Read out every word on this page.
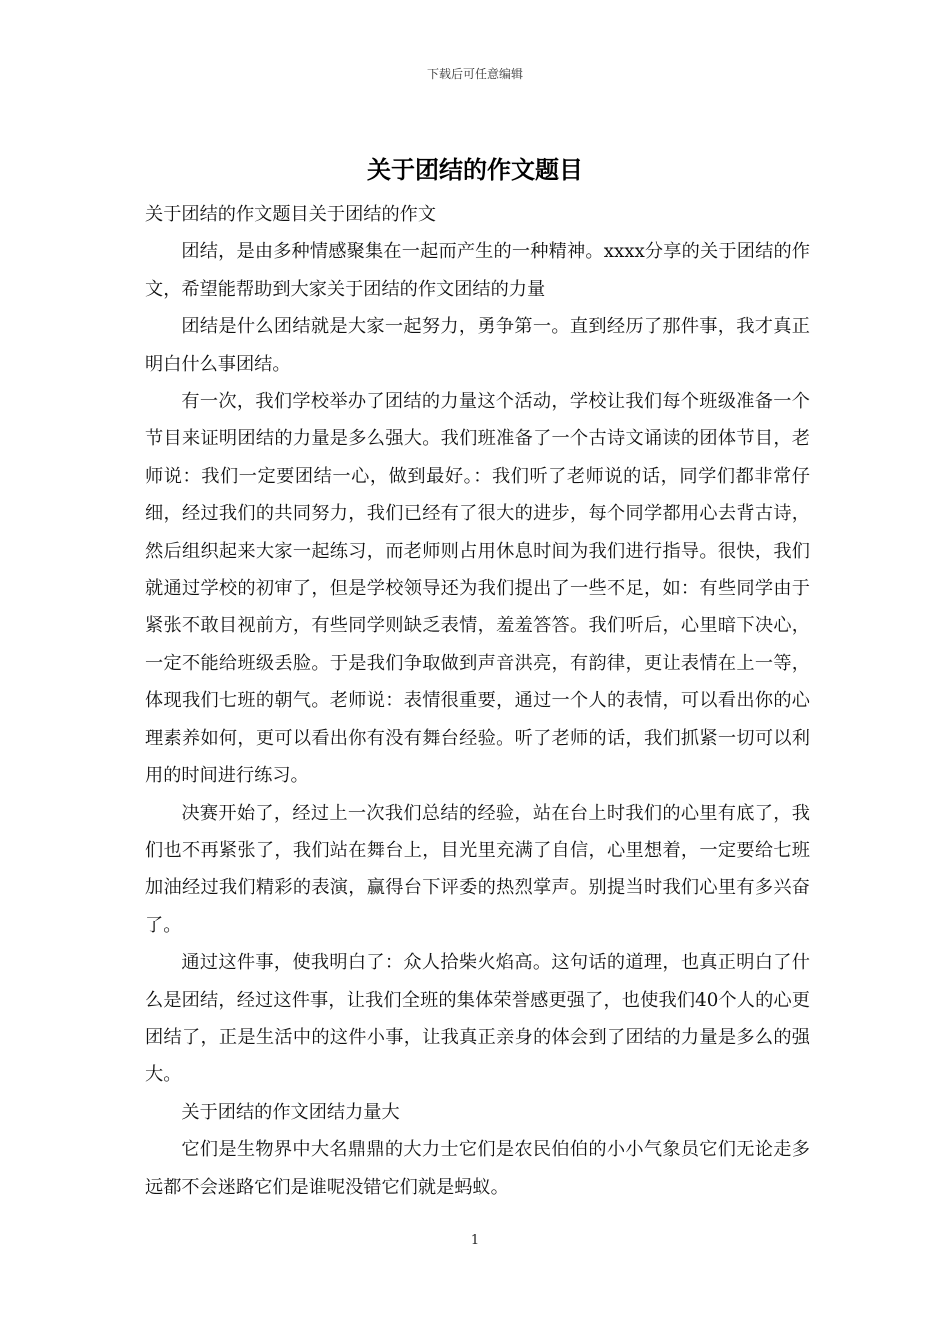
下载后可任意编辑
关于团结的作文题目

关于团结的作文题目关于团结的作文

团结，是由多种情感聚集在一起而产生的一种精神。xxxx分享的关于团结的作文，希望能帮助到大家关于团结的作文团结的力量

团结是什么团结就是大家一起努力，勇争第一。直到经历了那件事，我才真正明白什么事团结。

有一次，我们学校举办了团结的力量这个活动，学校让我们每个班级准备一个节目来证明团结的力量是多么强大。我们班准备了一个古诗文诵读的团体节目，老师说：我们一定要团结一心，做到最好。：我们听了老师说的话，同学们都非常仔细，经过我们的共同努力，我们已经有了很大的进步，每个同学都用心去背古诗，然后组织起来大家一起练习，而老师则占用休息时间为我们进行指导。很快，我们就通过学校的初审了，但是学校领导还为我们提出了一些不足，如：有些同学由于紧张不敢目视前方，有些同学则缺乏表情，羞羞答答。我们听后，心里暗下决心，一定不能给班级丢脸。于是我们争取做到声音洪亮，有韵律，更让表情在上一等，体现我们七班的朝气。老师说：表情很重要，通过一个人的表情，可以看出你的心理素养如何，更可以看出你有没有舞台经验。听了老师的话，我们抓紧一切可以利用的时间进行练习。

决赛开始了，经过上一次我们总结的经验，站在台上时我们的心里有底了，我们也不再紧张了，我们站在舞台上，目光里充满了自信，心里想着，一定要给七班加油经过我们精彩的表演，赢得台下评委的热烈掌声。别提当时我们心里有多兴奋了。

通过这件事，使我明白了：众人拾柴火焰高。这句话的道理，也真正明白了什么是团结，经过这件事，让我们全班的集体荣誉感更强了，也使我们40个人的心更团结了，正是生活中的这件小事，让我真正亲身的体会到了团结的力量是多么的强大。

关于团结的作文团结力量大

它们是生物界中大名鼎鼎的大力士它们是农民伯伯的小小气象员它们无论走多远都不会迷路它们是谁呢没错它们就是蚂蚁。

1
